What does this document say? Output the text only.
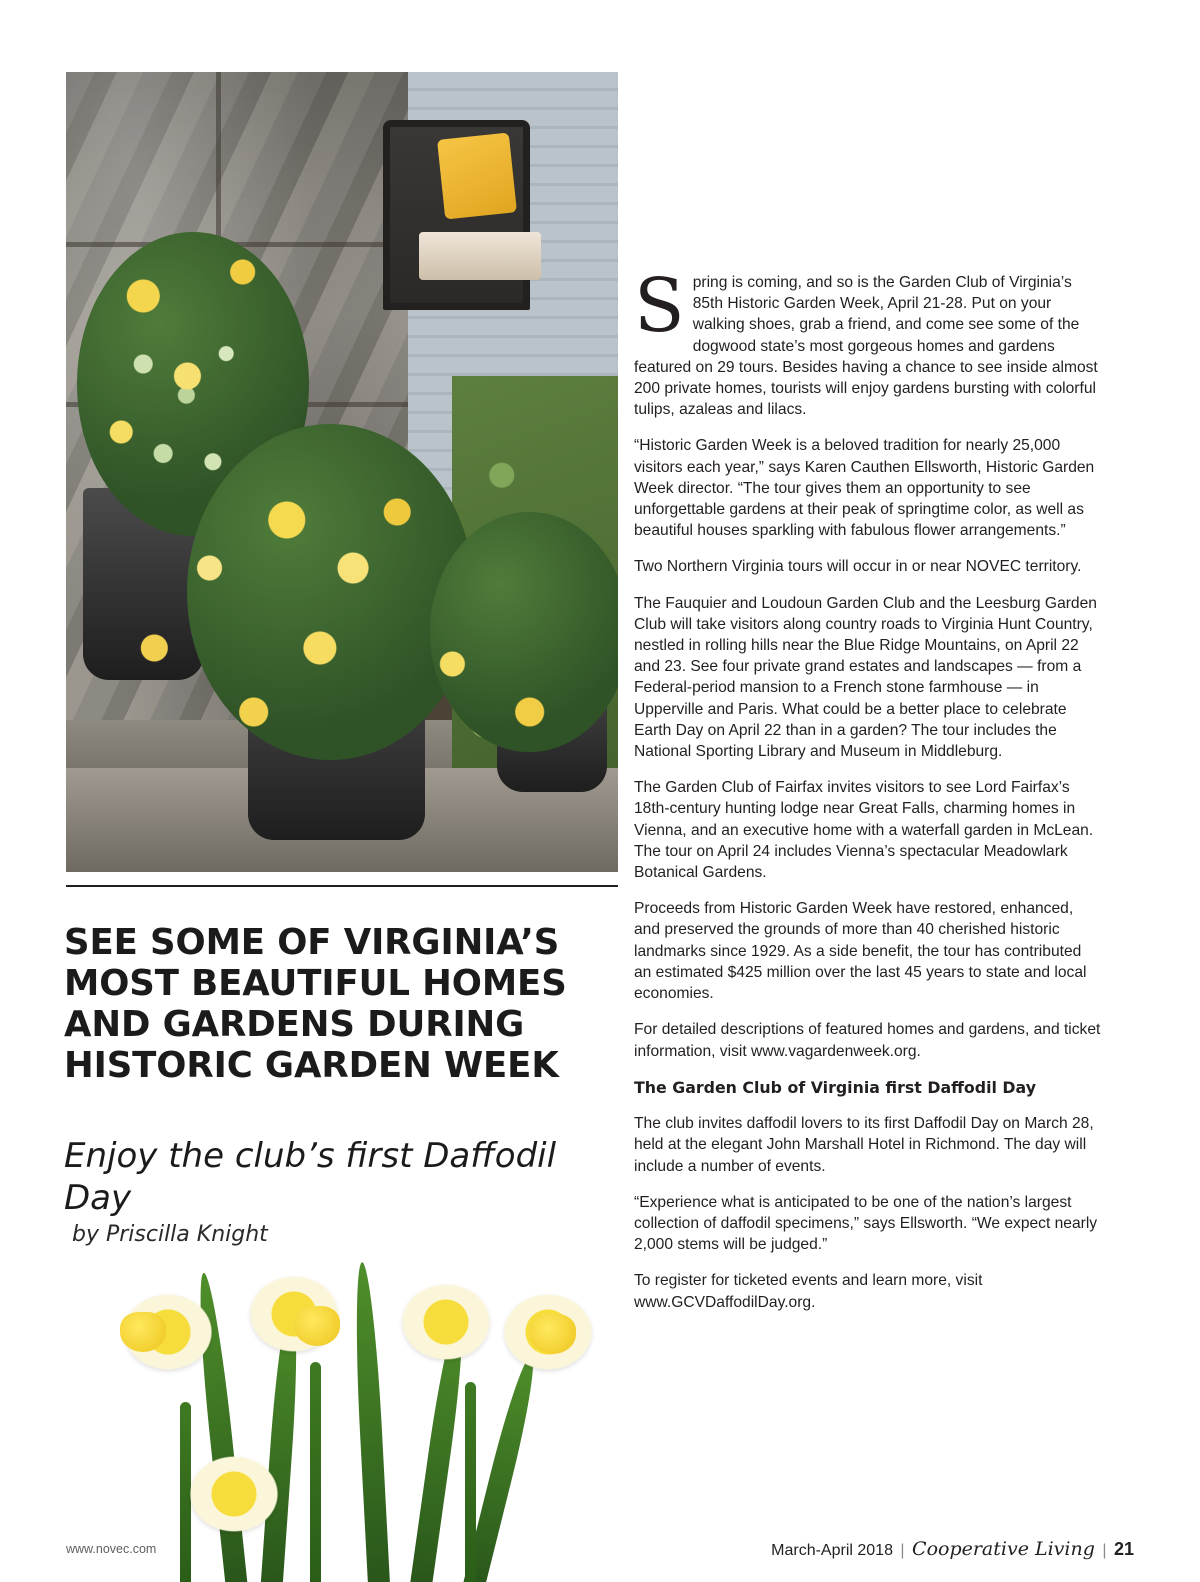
SEE SOME OF VIRGINIA’S MOST BEAUTIFUL HOMES AND GARDENS DURING HISTORIC GARDEN WEEK
Enjoy the club’s first Daffodil Day
by Priscilla Knight

Spring is coming, and so is the Garden Club of Virginia’s 85th Historic Garden Week, April 21-28. Put on your walking shoes, grab a friend, and come see some of the dogwood state’s most gorgeous homes and gardens featured on 29 tours. Besides having a chance to see inside almost 200 private homes, tourists will enjoy gardens bursting with colorful tulips, azaleas and lilacs.

“Historic Garden Week is a beloved tradition for nearly 25,000 visitors each year,” says Karen Cauthen Ellsworth, Historic Garden Week director. “The tour gives them an opportunity to see unforgettable gardens at their peak of springtime color, as well as beautiful houses sparkling with fabulous flower arrangements.”

Two Northern Virginia tours will occur in or near NOVEC territory.

The Fauquier and Loudoun Garden Club and the Leesburg Garden Club will take visitors along country roads to Virginia Hunt Country, nestled in rolling hills near the Blue Ridge Mountains, on April 22 and 23. See four private grand estates and landscapes — from a Federal-period mansion to a French stone farmhouse — in Upperville and Paris. What could be a better place to celebrate Earth Day on April 22 than in a garden? The tour includes the National Sporting Library and Museum in Middleburg.

The Garden Club of Fairfax invites visitors to see Lord Fairfax’s 18th-century hunting lodge near Great Falls, charming homes in Vienna, and an executive home with a waterfall garden in McLean. The tour on April 24 includes Vienna’s spectacular Meadowlark Botanical Gardens.

Proceeds from Historic Garden Week have restored, enhanced, and preserved the grounds of more than 40 cherished historic landmarks since 1929. As a side benefit, the tour has contributed an estimated $425 million over the last 45 years to state and local economies.

For detailed descriptions of featured homes and gardens, and ticket information, visit www.vagardenweek.org.

The Garden Club of Virginia first Daffodil Day

The club invites daffodil lovers to its first Daffodil Day on March 28, held at the elegant John Marshall Hotel in Richmond. The day will include a number of events.

“Experience what is anticipated to be one of the nation’s largest collection of daffodil specimens,” says Ellsworth. “We expect nearly 2,000 stems will be judged.”

To register for ticketed events and learn more, visit www.GCVDaffodilDay.org.

www.novec.com	March-April 2018 | Cooperative Living | 21
